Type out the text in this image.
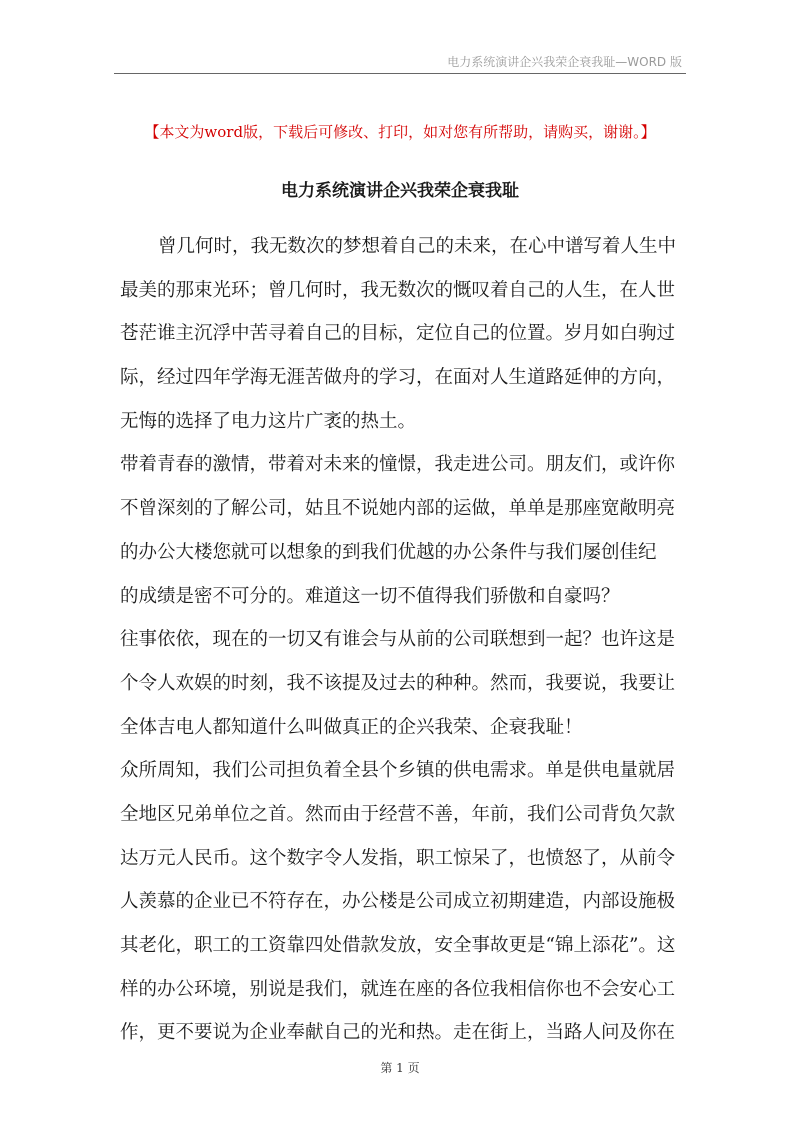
电力系统演讲企兴我荣企衰我耻—WORD 版
【本文为word版，下载后可修改、打印，如对您有所帮助，请购买，谢谢。】
电力系统演讲企兴我荣企衰我耻
曾几何时，我无数次的梦想着自己的未来，在心中谱写着人生中
最美的那束光环；曾几何时，我无数次的慨叹着自己的人生，在人世
苍茫谁主沉浮中苦寻着自己的目标，定位自己的位置。岁月如白驹过
际，经过四年学海无涯苦做舟的学习，在面对人生道路延伸的方向，
无悔的选择了电力这片广袤的热土。
带着青春的激情，带着对未来的憧憬，我走进公司。朋友们，或许你
不曾深刻的了解公司，姑且不说她内部的运做，单单是那座宽敞明亮
的办公大楼您就可以想象的到我们优越的办公条件与我们屡创佳纪
的成绩是密不可分的。难道这一切不值得我们骄傲和自豪吗？
往事依依，现在的一切又有谁会与从前的公司联想到一起？也许这是
个令人欢娱的时刻，我不该提及过去的种种。然而，我要说，我要让
全体吉电人都知道什么叫做真正的企兴我荣、企衰我耻！
众所周知，我们公司担负着全县个乡镇的供电需求。单是供电量就居
全地区兄弟单位之首。然而由于经营不善，年前，我们公司背负欠款
达万元人民币。这个数字令人发指，职工惊呆了，也愤怒了，从前令
人羡慕的企业已不符存在，办公楼是公司成立初期建造，内部设施极
其老化，职工的工资靠四处借款发放，安全事故更是“锦上添花”。这
样的办公环境，别说是我们，就连在座的各位我相信你也不会安心工
作，更不要说为企业奉献自己的光和热。走在街上，当路人问及你在
第 1 页
